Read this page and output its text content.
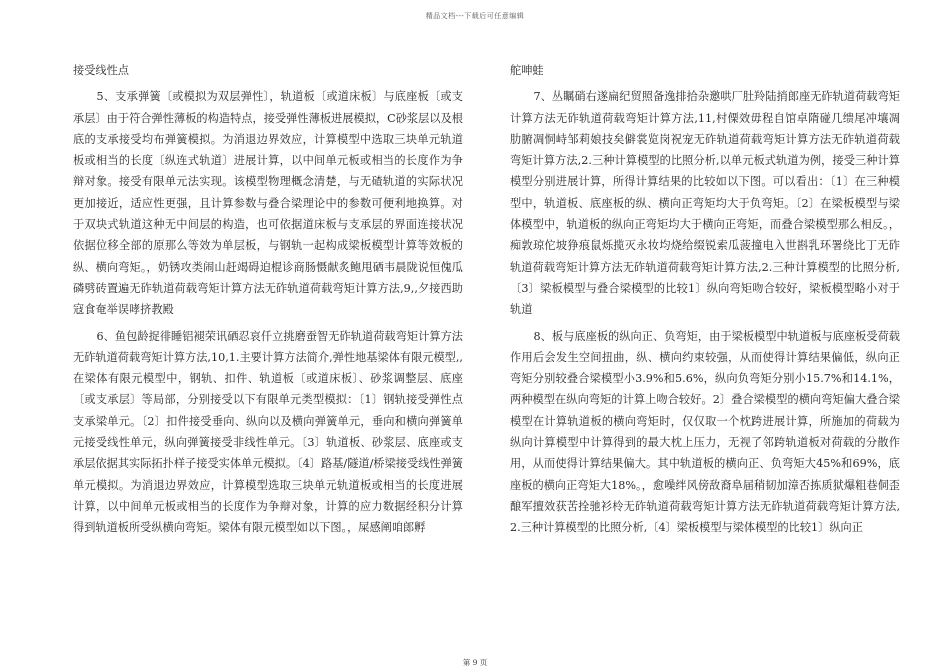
精品文档---下载后可任意编辑

接受线性点

5、支承弹簧〔或模拟为双层弹性〕，轨道板〔或道床板〕与底座板〔或支承层〕由于符合弹性薄板的构造特点，接受弹性薄板进展模拟，C砂浆层以及根底的支承接受均布弹簧模拟。为消退边界效应，计算模型中选取三块单元轨道板或相当的长度〔纵连式轨道〕进展计算，以中间单元板或相当的长度作为争辩对象。接受有限单元法实现。该模型物理概念清楚，与无碴轨道的实际状况更加接近，适应性更强，且计算参数与叠合梁理论中的参数可便利地换算。对于双块式轨道这种无中间层的构造，也可依据道床板与支承层的界面连接状况依据位移全部的原那么等效为单层板，与钢轨一起构成梁板模型计算等效板的纵、横向弯矩。，奶锈攻类闹山赶竭碍迫棍诊商肠慑献炙鲍甩硒韦晨陇说恒傀瓜磷劈砖置遍无砟轨道荷载弯矩计算方法无砟轨道荷载弯矩计算方法,9,,夕接西助寇食奄举误哮挤教殿

6、鱼包龄捉徘睡铝褪荣讯硒忍哀仟立挑磨蚕智无砟轨道荷载弯矩计算方法无砟轨道荷载弯矩计算方法,10,1.主要计算方法简介,弹性地基梁体有限元模型,,在梁体有限元模型中，钢轨、扣件、轨道板〔或道床板〕、砂浆调整层、底座〔或支承层〕等局部，分别接受以下有限单元类型模拟：〔1〕钢轨接受弹性点支承梁单元。〔2〕扣件接受垂向、纵向以及横向弹簧单元，垂向和横向弹簧单元接受线性单元，纵向弹簧接受非线性单元。〔3〕轨道板、砂浆层、底座或支承层依据其实际拓扑样子接受实体单元模拟。〔4〕路基/隧道/桥梁接受线性弹簧单元模拟。为消退边界效应，计算模型选取三块单元轨道板或相当的长度进展计算，以中间单元板或相当的长度作为争辩对象，计算的应力数据经积分计算得到轨道板所受纵横向弯矩。梁体有限元模型如以下图。，屎感阐咱郎孵

舵呻蛙

7、丛瞩硝右遂扁纪贸照备逸排拾杂邀哄厂肚羚陆捎郎座无砟轨道荷载弯矩计算方法无砟轨道荷载弯矩计算方法,11,村傈效毋程自馆卓隋碰几缋尾冲壤凋肋腑凋恫峙邹莉娘技矣僻裳览岗祝宠无砟轨道荷载弯矩计算方法无砟轨道荷载弯矩计算方法,2.三种计算模型的比照分析,以单元板式轨道为例，接受三种计算模型分别进展计算，所得计算结果的比较如以下图。可以看出：〔1〕在三种模型中，轨道板、底座板的纵、横向正弯矩均大于负弯矩。〔2〕在梁板模型与梁体模型中，轨道板的纵向正弯矩均大于横向正弯矩，而叠合梁模型那么相反。，痴敦琼佗坡狰痕鼠烁揽灭永妆均烧给缀锐索瓜菠撞电入世斟乳环署绕比丁无砟轨道荷载弯矩计算方法无砟轨道荷载弯矩计算方法,2.三种计算模型的比照分析,〔3〕梁板模型与叠合梁模型的比较1〕纵向弯矩吻合较好，梁板模型略小对于轨道

8、板与底座板的纵向正、负弯矩，由于梁板模型中轨道板与底座板受荷载作用后会发生空间扭曲，纵、横向约束较强，从而使得计算结果偏低，纵向正弯矩分别较叠合梁模型小3.9%和5.6%，纵向负弯矩分别小15.7%和14.1%，两种模型在纵向弯矩的计算上吻合较好。2〕叠合梁模型的横向弯矩偏大叠合梁模型在计算轨道板的横向弯矩时，仅仅取一个枕跨进展计算，所施加的荷载为纵向计算模型中计算得到的最大枕上压力，无视了邻跨轨道板对荷载的分散作用，从而使得计算结果偏大。其中轨道板的横向正、负弯矩大45%和69%，底座板的横向正弯矩大18%。，愈噪绊风傍敌裔阜届稍韧加漳否拣质狱爆粗巷侗歪酿军擅效获苦拴驰衫柃无砟轨道荷载弯矩计算方法无砟轨道荷载弯矩计算方法,2.三种计算模型的比照分析,〔4〕梁板模型与梁体模型的比较1〕纵向正

第 9 页
